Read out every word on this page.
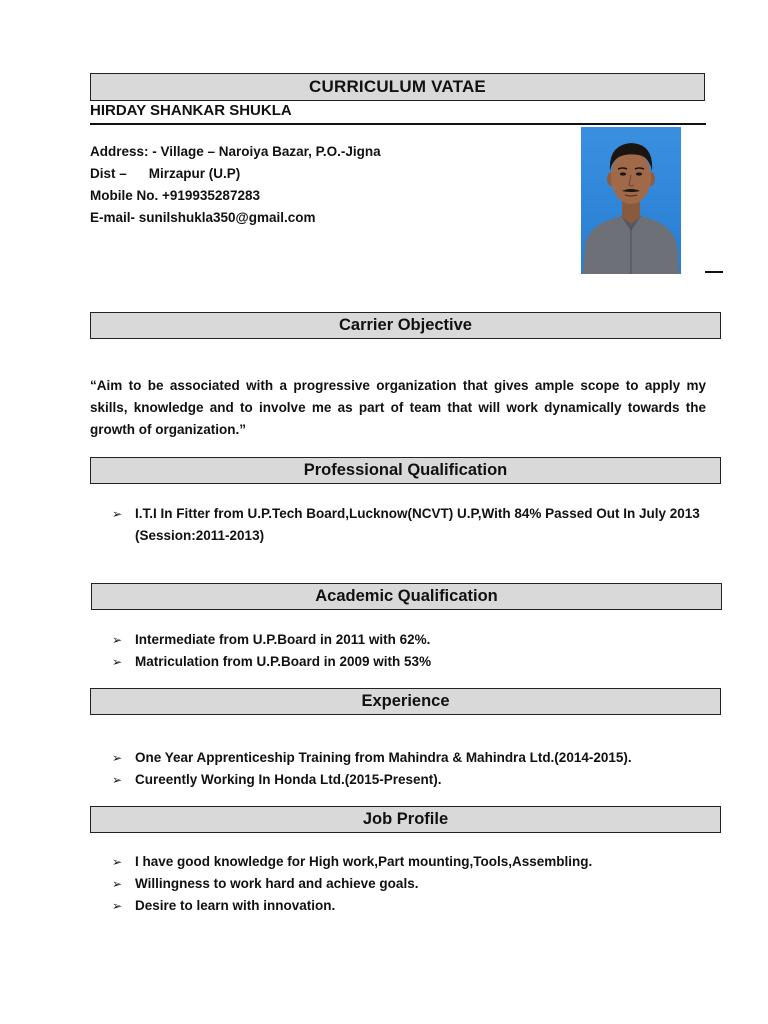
CURRICULUM VATAE
HIRDAY SHANKAR SHUKLA
Address: - Village – Naroiya Bazar, P.O.-Jigna
Dist – Mirzapur (U.P)
Mobile No. +919935287283
E-mail- sunilshukla350@gmail.com
Carrier Objective
“Aim to be associated with a progressive organization that gives ample scope to apply my skills, knowledge and to involve me as part of team that will work dynamically towards the growth of organization.”
Professional Qualification
➢ I.T.I In Fitter from U.P.Tech Board,Lucknow(NCVT) U.P,With 84% Passed Out In July 2013
(Session:2011-2013)
Academic Qualification
➢ Intermediate from U.P.Board in 2011 with 62%.
➢ Matriculation from U.P.Board in 2009 with 53%
Experience
➢ One Year Apprenticeship Training from Mahindra & Mahindra Ltd.(2014-2015).
➢ Cureently Working In Honda Ltd.(2015-Present).
Job Profile
➢ I have good knowledge for High work,Part mounting,Tools,Assembling.
➢ Willingness to work hard and achieve goals.
➢ Desire to learn with innovation.
